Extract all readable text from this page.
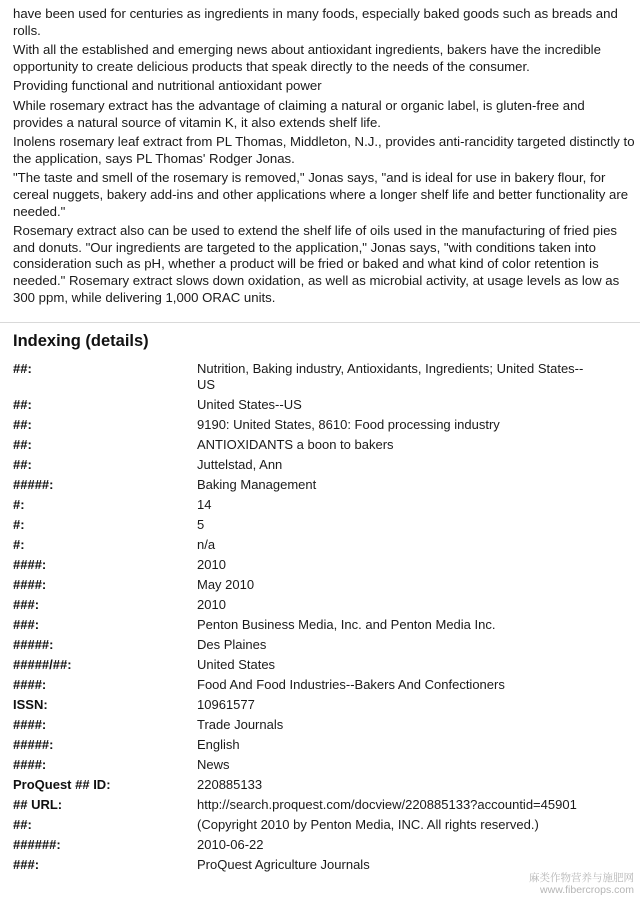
have been used for centuries as ingredients in many foods, especially baked goods such as breads and rolls.

With all the established and emerging news about antioxidant ingredients, bakers have the incredible opportunity to create delicious products that speak directly to the needs of the consumer.

Providing functional and nutritional antioxidant power

While rosemary extract has the advantage of claiming a natural or organic label, is gluten-free and provides a natural source of vitamin K, it also extends shelf life.

Inolens rosemary leaf extract from PL Thomas, Middleton, N.J., provides anti-rancidity targeted distinctly to the application, says PL Thomas' Rodger Jonas.

"The taste and smell of the rosemary is removed," Jonas says, "and is ideal for use in bakery flour, for cereal nuggets, bakery add-ins and other applications where a longer shelf life and better functionality are needed."

Rosemary extract also can be used to extend the shelf life of oils used in the manufacturing of fried pies and donuts. "Our ingredients are targeted to the application," Jonas says, "with conditions taken into consideration such as pH, whether a product will be fried or baked and what kind of color retention is needed." Rosemary extract slows down oxidation, as well as microbial activity, at usage levels as low as 300 ppm, while delivering 1,000 ORAC units.

Indexing (details)
##:	Nutrition, Baking industry, Antioxidants, Ingredients; United States--US
##:	United States--US
##:	9190: United States, 8610: Food processing industry
##:	ANTIOXIDANTS a boon to bakers
##:	Juttelstad, Ann
#####:	Baking Management
#:	14
#:	5
#:	n/a
####:	2010
####:	May 2010
###:	2010
###:	Penton Business Media, Inc. and Penton Media Inc.
#####:	Des Plaines
#####/##:	United States
####:	Food And Food Industries--Bakers And Confectioners
ISSN:	10961577
####:	Trade Journals
#####:	English
####:	News
ProQuest ## ID:	220885133
## URL:	http://search.proquest.com/docview/220885133?accountid=45901
##:	(Copyright 2010 by Penton Media, INC. All rights reserved.)
######:	2010-06-22
###:	ProQuest Agriculture Journals
麻类作物营养与施肥网
www.fibercrops.com
